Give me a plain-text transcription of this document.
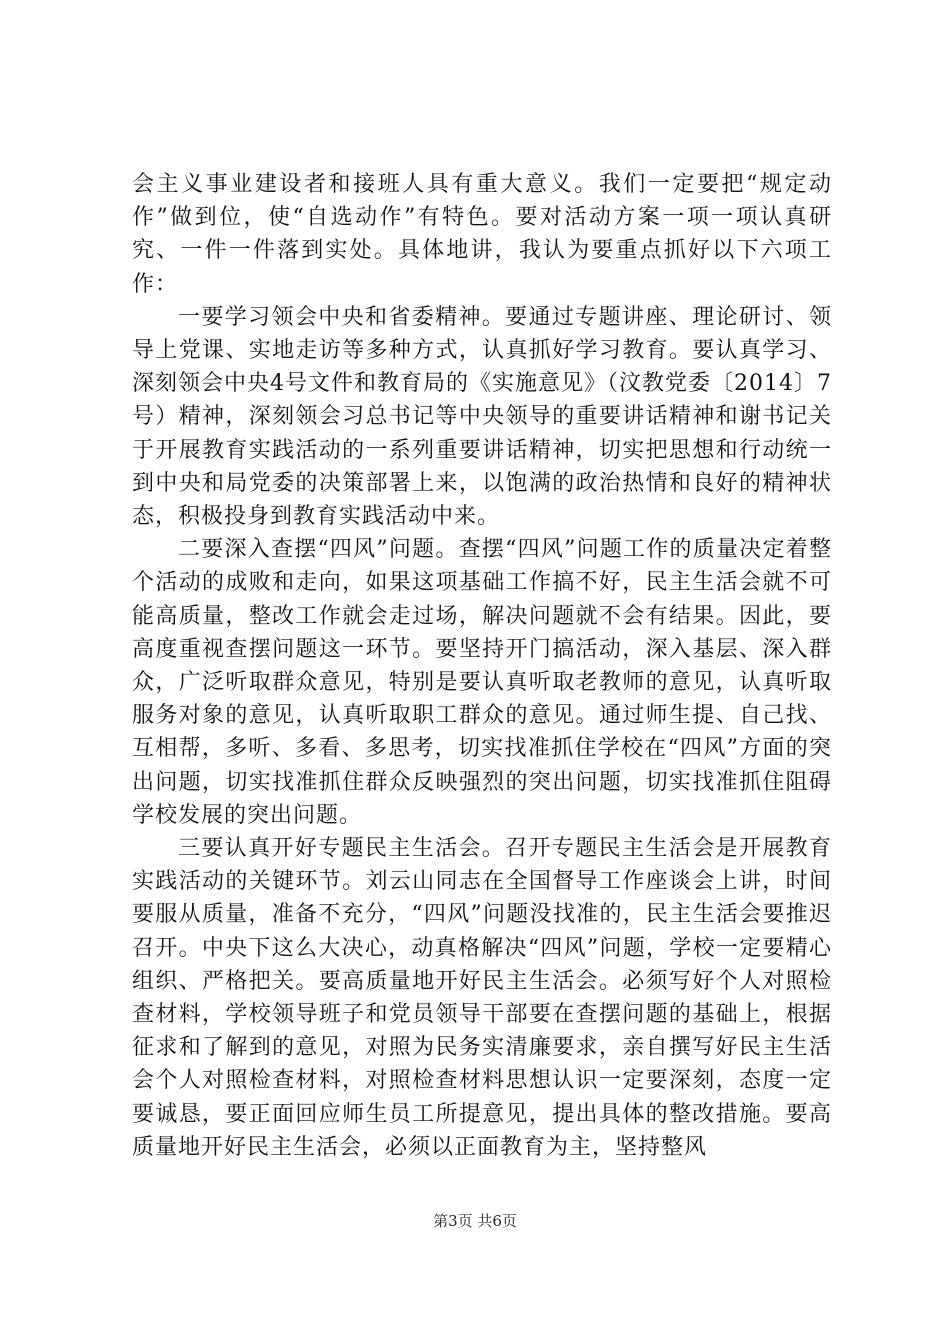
会主义事业建设者和接班人具有重大意义。我们一定要把“规定动作”做到位，使“自选动作”有特色。要对活动方案一项一项认真研究、一件一件落到实处。具体地讲，我认为要重点抓好以下六项工作：

一要学习领会中央和省委精神。要通过专题讲座、理论研讨、领导上党课、实地走访等多种方式，认真抓好学习教育。要认真学习、深刻领会中央4号文件和教育局的《实施意见》（汶教党委〔2014〕7号）精神，深刻领会习总书记等中央领导的重要讲话精神和谢书记关于开展教育实践活动的一系列重要讲话精神，切实把思想和行动统一到中央和局党委的决策部署上来，以饱满的政治热情和良好的精神状态，积极投身到教育实践活动中来。

二要深入查摆“四风”问题。查摆“四风”问题工作的质量决定着整个活动的成败和走向，如果这项基础工作搞不好，民主生活会就不可能高质量，整改工作就会走过场，解决问题就不会有结果。因此，要高度重视查摆问题这一环节。要坚持开门搞活动，深入基层、深入群众，广泛听取群众意见，特别是要认真听取老教师的意见，认真听取服务对象的意见，认真听取职工群众的意见。通过师生提、自己找、互相帮，多听、多看、多思考，切实找准抓住学校在“四风”方面的突出问题，切实找准抓住群众反映强烈的突出问题，切实找准抓住阻碍学校发展的突出问题。

三要认真开好专题民主生活会。召开专题民主生活会是开展教育实践活动的关键环节。刘云山同志在全国督导工作座谈会上讲，时间要服从质量，准备不充分，“四风”问题没找准的，民主生活会要推迟召开。中央下这么大决心，动真格解决“四风”问题，学校一定要精心组织、严格把关。要高质量地开好民主生活会。必须写好个人对照检查材料，学校领导班子和党员领导干部要在查摆问题的基础上，根据征求和了解到的意见，对照为民务实清廉要求，亲自撰写好民主生活会个人对照检查材料，对照检查材料思想认识一定要深刻，态度一定要诚恳，要正面回应师生员工所提意见，提出具体的整改措施。要高质量地开好民主生活会，必须以正面教育为主，坚持整风

第3页 共6页
